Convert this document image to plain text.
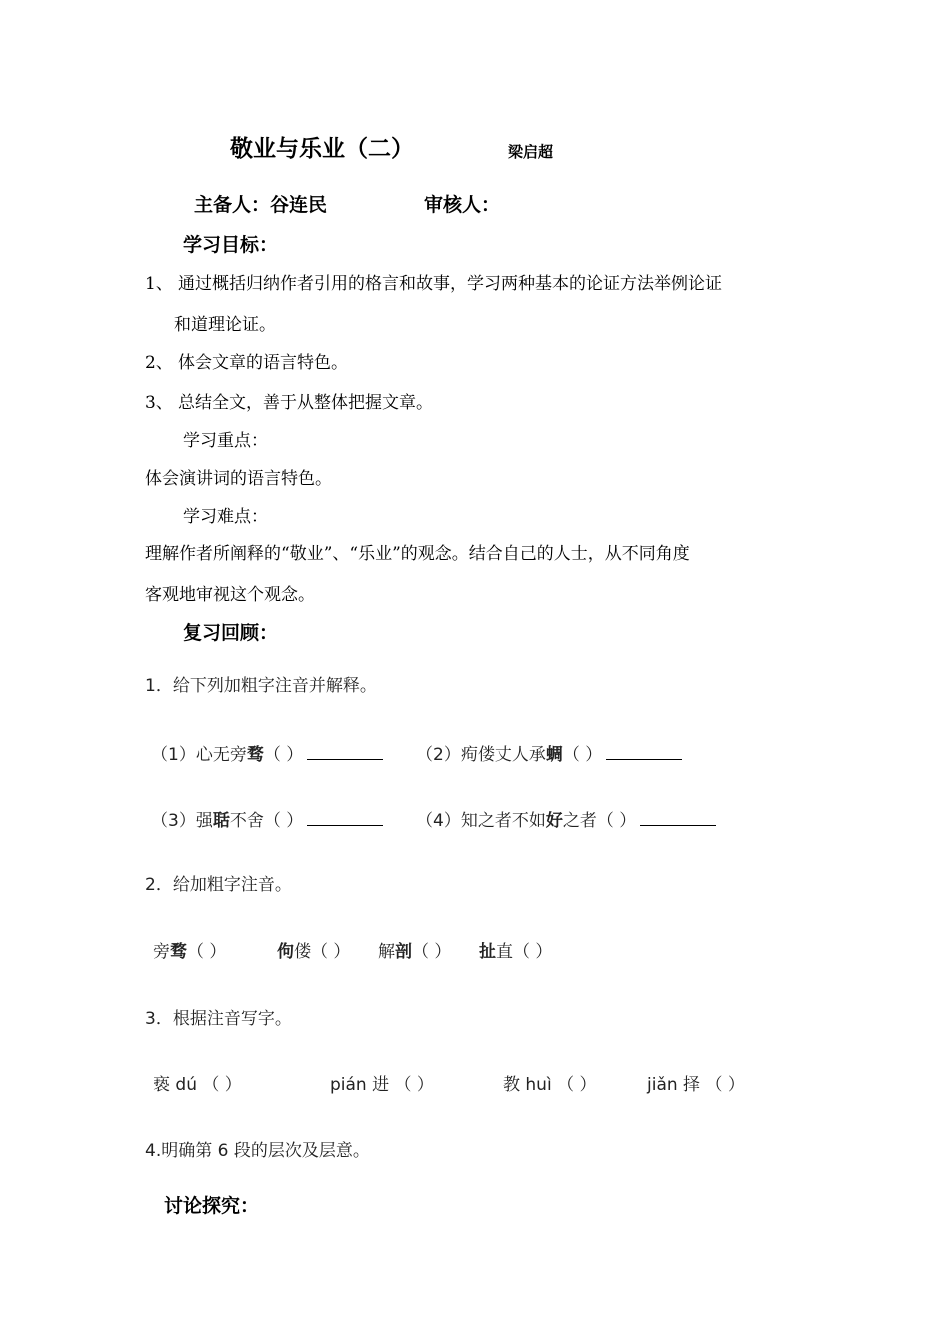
敬业与乐业（二）	梁启超
主备人：谷连民	审核人：
学习目标：
1、 通过概括归纳作者引用的格言和故事，学习两种基本的论证方法举例论证
和道理论证。
2、 体会文章的语言特色。
3、 总结全文，善于从整体把握文章。
学习重点：
体会演讲词的语言特色。
学习难点：
理解作者所阐释的“敬业”、“乐业”的观念。结合自己的人士，从不同角度
客观地审视这个观念。
复习回顾：
1．给下列加粗字注音并解释。
（1）心无旁骛（ ）	（2）痀偻丈人承蜩（ ）
（3）强聒不舍（ ）	（4）知之者不如好之者（ ）
2．给加粗字注音。
旁骛（ ）	佝偻（ ） 解剖（ ） 扯直（ ）
3．根据注音写字。
亵 dú （ ）	pián 进 （ ）	教 huì （ ）	jiǎn 择 （ ）
4.明确第 6 段的层次及层意。
讨论探究：
